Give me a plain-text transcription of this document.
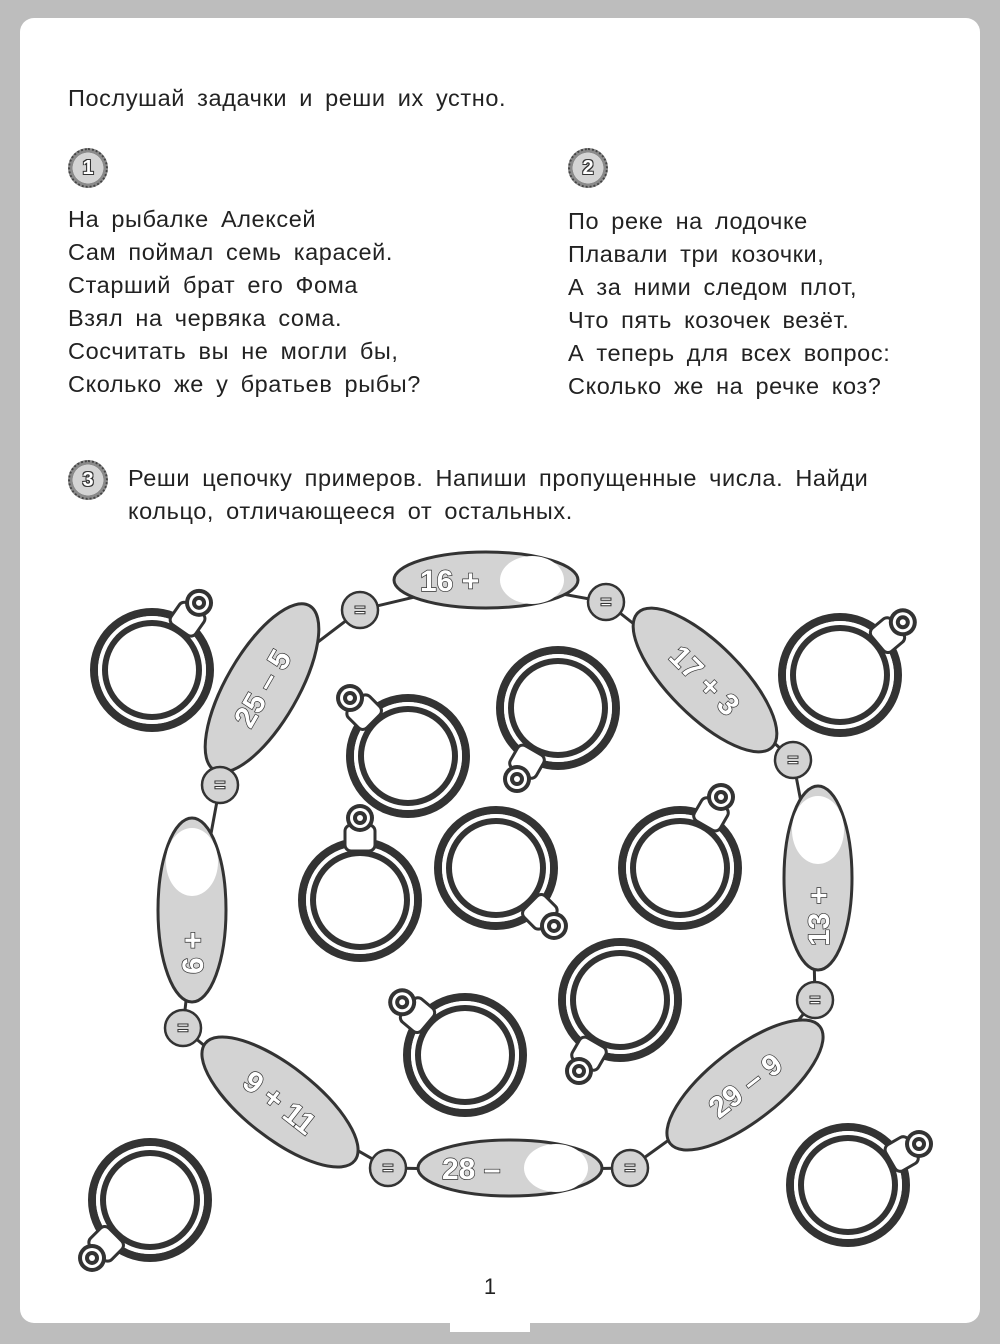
Послушай задачки и реши их устно.
1
На рыбалке Алексей
Сам поймал семь карасей.
Старший брат его Фома
Взял на червяка сома.
Сосчитать вы не могли бы,
Сколько же у братьев рыбы?
2
По реке на лодочке
Плавали три козочки,
А за ними следом плот,
Что пять козочек везёт.
А теперь для всех вопрос:
Сколько же на речке коз?
3	Реши цепочку примеров. Напиши пропущенные числа. Найди кольцо, отличающееся от остальных.
16 +
17 + 3
13 +
29 – 9
28 –
9 + 11
6 +
25 – 5
=	=
=
=
=
=
=
=
1
